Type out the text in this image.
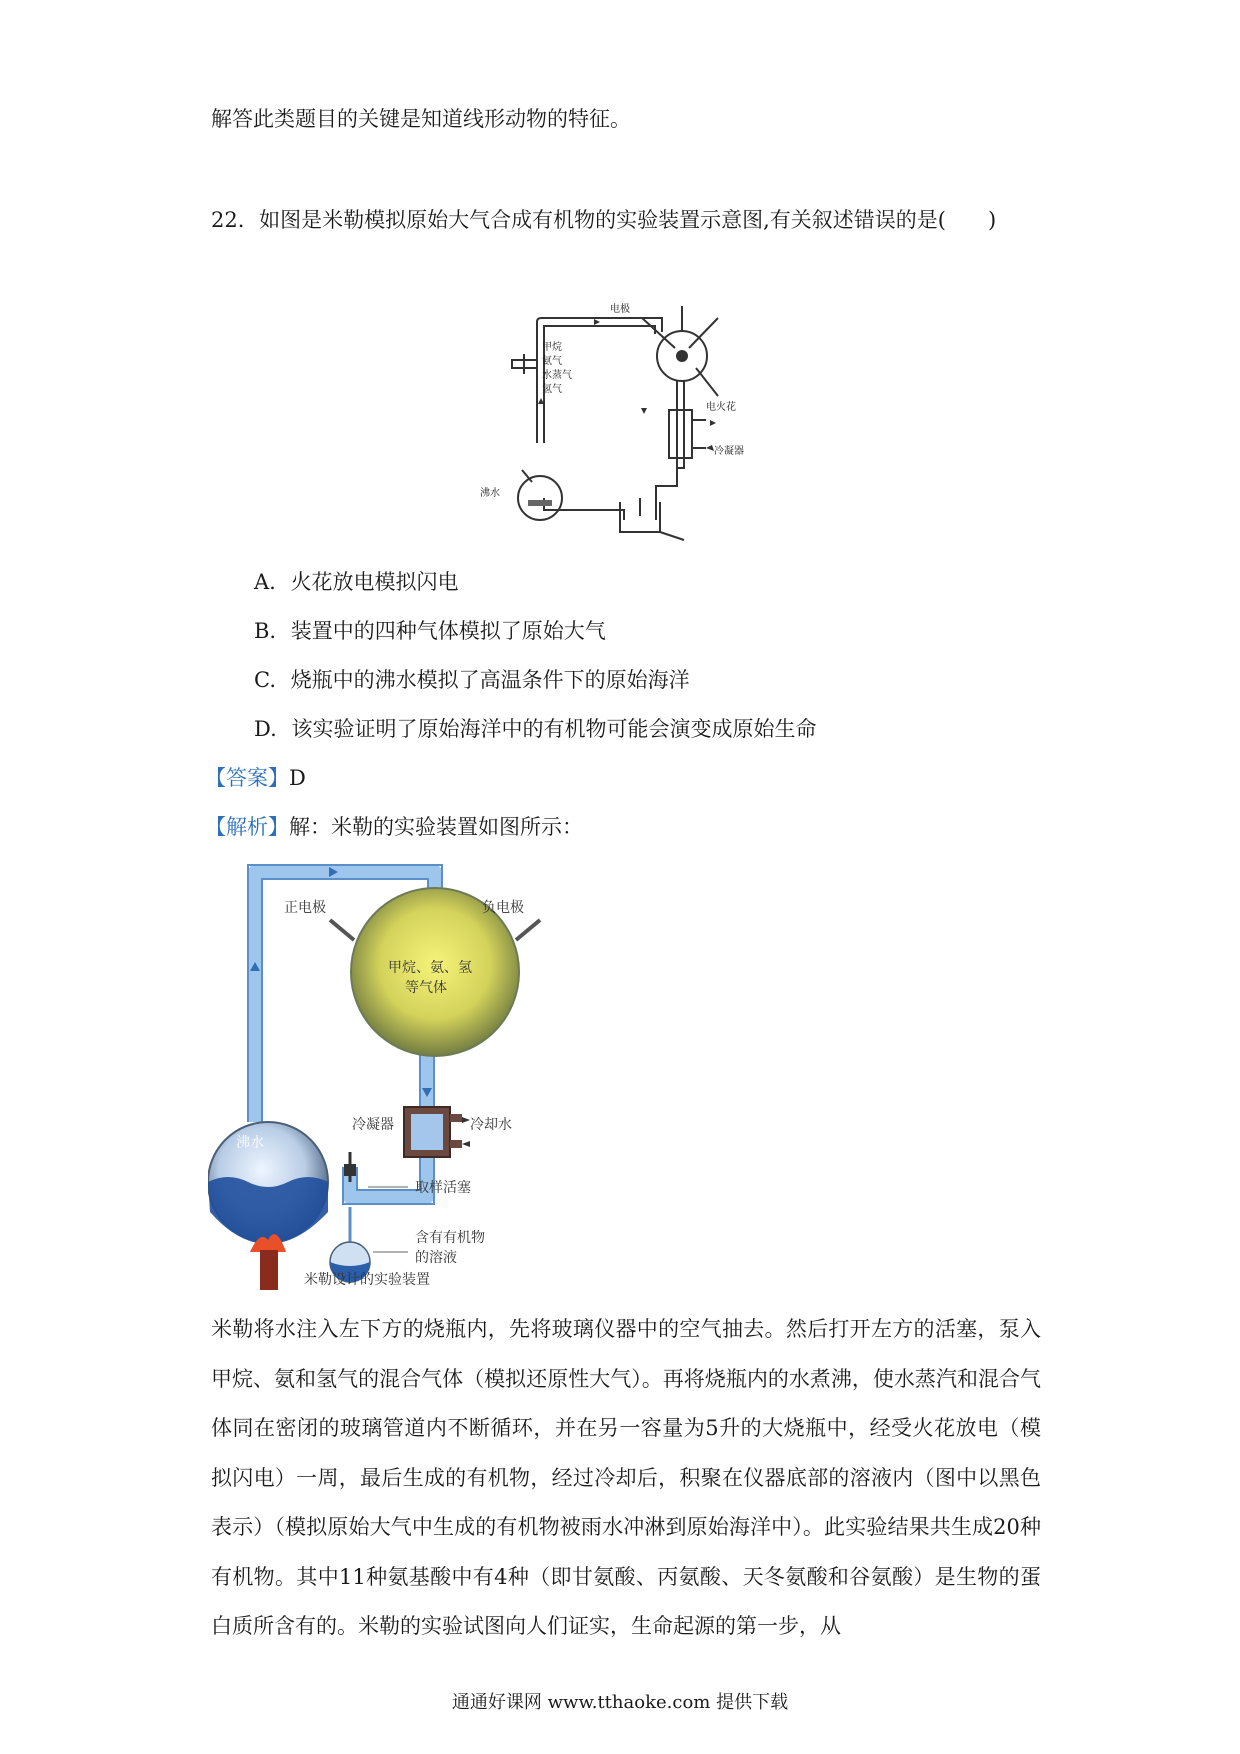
解答此类题目的关键是知道线形动物的特征。
22. 如图是米勒模拟原始大气合成有机物的实验装置示意图,有关叙述错误的是(　　)
电极
甲烷
氨气
水蒸气
氢气
电火花
冷凝器
沸水
A. 火花放电模拟闪电
B. 装置中的四种气体模拟了原始大气
C. 烧瓶中的沸水模拟了高温条件下的原始海洋
D. 该实验证明了原始海洋中的有机物可能会演变成原始生命
【答案】D
【解析】解：米勒的实验装置如图所示：
正电极	负电极
甲烷、氨、氢
等气体
沸水
冷凝器	冷却水
取样活塞
含有有机物
的溶液
米勒设计的实验装置
米勒将水注入左下方的烧瓶内，先将玻璃仪器中的空气抽去。然后打开左方的活塞，泵入甲烷、氨和氢气的混合气体（模拟还原性大气）。再将烧瓶内的水煮沸，使水蒸汽和混合气体同在密闭的玻璃管道内不断循环，并在另一容量为5升的大烧瓶中，经受火花放电（模拟闪电）一周，最后生成的有机物，经过冷却后，积聚在仪器底部的溶液内（图中以黑色表示）（模拟原始大气中生成的有机物被雨水冲淋到原始海洋中）。此实验结果共生成20种有机物。其中11种氨基酸中有4种（即甘氨酸、丙氨酸、天冬氨酸和谷氨酸）是生物的蛋白质所含有的。米勒的实验试图向人们证实，生命起源的第一步，从
通通好课网 www.tthaoke.com 提供下载
